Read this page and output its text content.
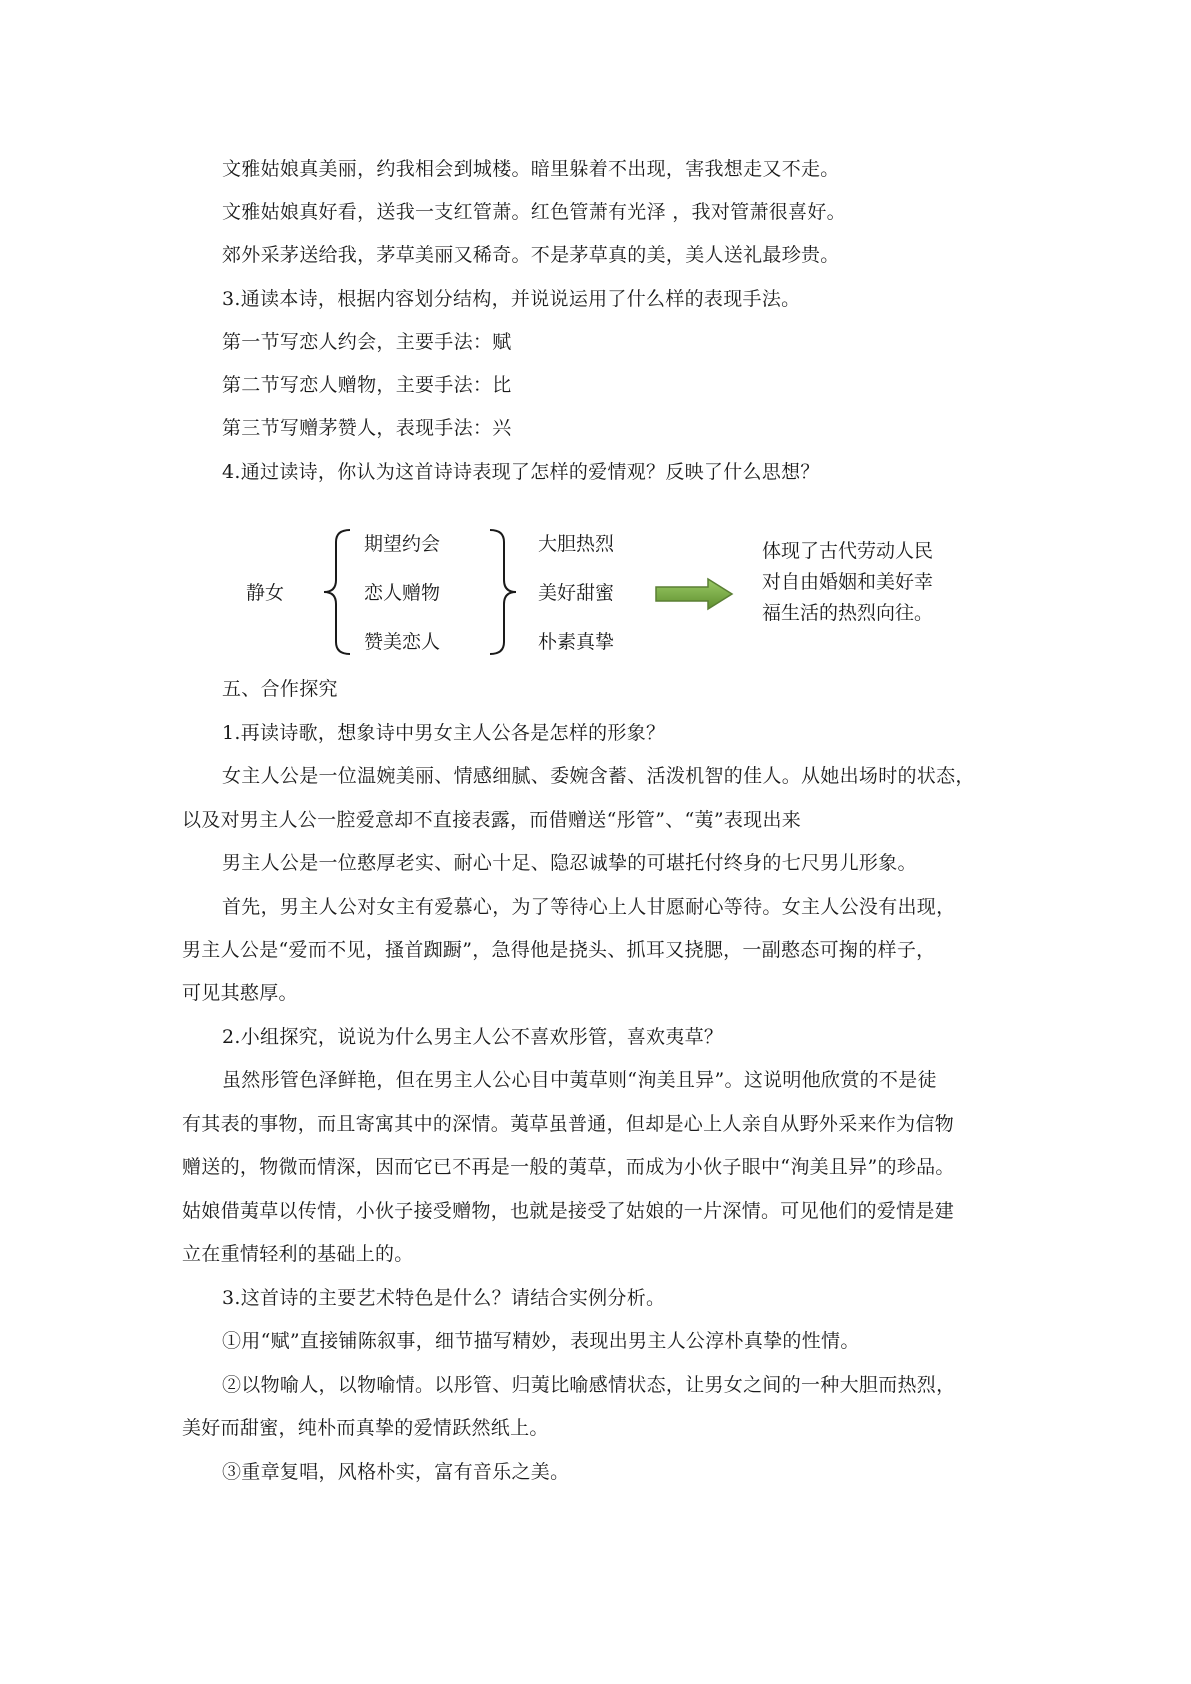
文雅姑娘真美丽，约我相会到城楼。暗里躲着不出现，害我想走又不走。
文雅姑娘真好看，送我一支红管萧。红色管萧有光泽 ，我对管萧很喜好。
郊外采茅送给我，茅草美丽又稀奇。不是茅草真的美，美人送礼最珍贵。
3.通读本诗，根据内容划分结构，并说说运用了什么样的表现手法。
第一节写恋人约会，主要手法：赋
第二节写恋人赠物，主要手法：比
第三节写赠茅赞人，表现手法：兴
4.通过读诗，你认为这首诗诗表现了怎样的爱情观？反映了什么思想？
静女
期望约会
恋人赠物
赞美恋人
大胆热烈
美好甜蜜
朴素真挚
体现了古代劳动人民
对自由婚姻和美好幸
福生活的热烈向往。
五、合作探究
1.再读诗歌，想象诗中男女主人公各是怎样的形象？
女主人公是一位温婉美丽、情感细腻、委婉含蓄、活泼机智的佳人。从她出场时的状态，
以及对男主人公一腔爱意却不直接表露，而借赠送“彤管”、“荑”表现出来
男主人公是一位憨厚老实、耐心十足、隐忍诚挚的可堪托付终身的七尺男儿形象。
首先，男主人公对女主有爱慕心，为了等待心上人甘愿耐心等待。女主人公没有出现，
男主人公是“爱而不见，搔首踟蹰”，急得他是挠头、抓耳又挠腮，一副憨态可掬的样子，
可见其憨厚。
2.小组探究，说说为什么男主人公不喜欢彤管，喜欢夷草？
虽然彤管色泽鲜艳，但在男主人公心目中荑草则“洵美且异”。这说明他欣赏的不是徒
有其表的事物，而且寄寓其中的深情。荑草虽普通，但却是心上人亲自从野外采来作为信物
赠送的，物微而情深，因而它已不再是一般的荑草，而成为小伙子眼中“洵美且异”的珍品。
姑娘借荑草以传情，小伙子接受赠物，也就是接受了姑娘的一片深情。可见他们的爱情是建
立在重情轻利的基础上的。
3.这首诗的主要艺术特色是什么？请结合实例分析。
①用“赋”直接铺陈叙事，细节描写精妙，表现出男主人公淳朴真挚的性情。
②以物喻人，以物喻情。以彤管、归荑比喻感情状态，让男女之间的一种大胆而热烈，
美好而甜蜜，纯朴而真挚的爱情跃然纸上。
③重章复唱，风格朴实，富有音乐之美。
